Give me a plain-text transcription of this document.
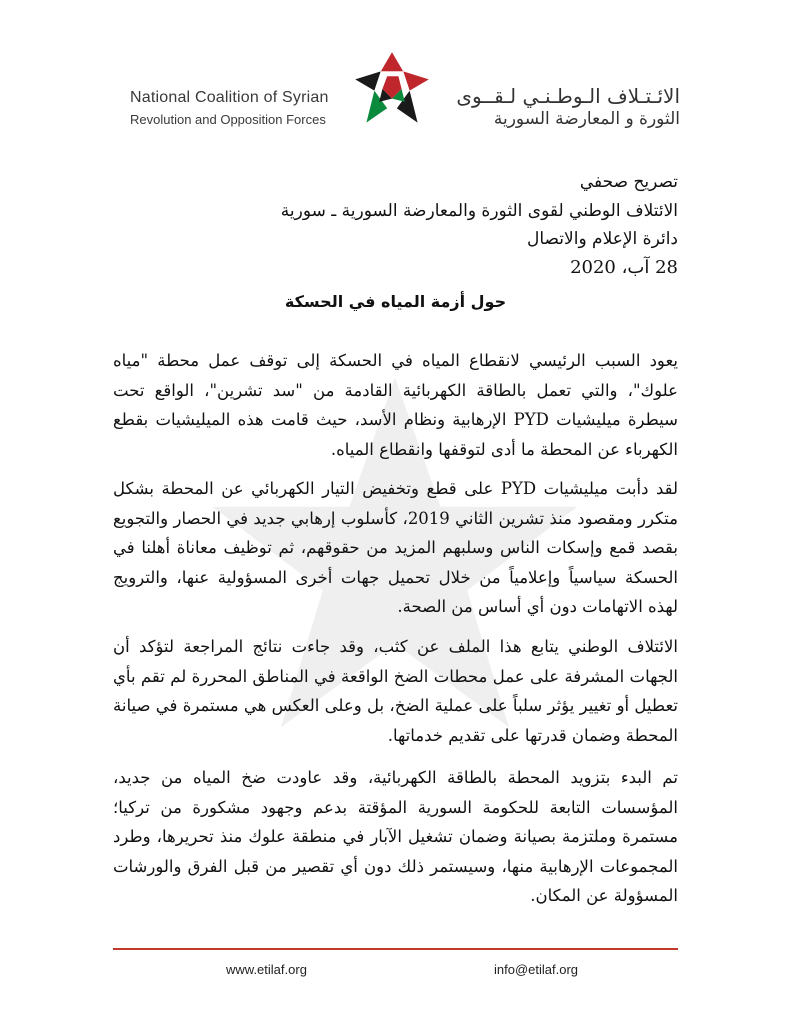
National Coalition of Syrian
Revolution and Opposition Forces
الائـتـلاف الـوطـنـي لـقــوى
الثورة و المعارضة السورية
تصريح صحفي
الائتلاف الوطني لقوى الثورة والمعارضة السورية ـ سورية
دائرة الإعلام والاتصال
28 آب، 2020
حول أزمة المياه في الحسكة
يعود السبب الرئيسي لانقطاع المياه في الحسكة إلى توقف عمل محطة "مياه علوك"، والتي تعمل بالطاقة الكهربائية القادمة من "سد تشرين"، الواقع تحت سيطرة ميليشيات PYD الإرهابية ونظام الأسد، حيث قامت هذه الميليشيات بقطع الكهرباء عن المحطة ما أدى لتوقفها وانقطاع المياه.
لقد دأبت ميليشيات PYD على قطع وتخفيض التيار الكهربائي عن المحطة بشكل متكرر ومقصود منذ تشرين الثاني 2019، كأسلوب إرهابي جديد في الحصار والتجويع بقصد قمع وإسكات الناس وسلبهم المزيد من حقوقهم، ثم توظيف معاناة أهلنا في الحسكة سياسياً وإعلامياً من خلال تحميل جهات أخرى المسؤولية عنها، والترويج لهذه الاتهامات دون أي أساس من الصحة.
الائتلاف الوطني يتابع هذا الملف عن كثب، وقد جاءت نتائج المراجعة لتؤكد أن الجهات المشرفة على عمل محطات الضخ الواقعة في المناطق المحررة لم تقم بأي تعطيل أو تغيير يؤثر سلباً على عملية الضخ، بل وعلى العكس هي مستمرة في صيانة المحطة وضمان قدرتها على تقديم خدماتها.
تم البدء بتزويد المحطة بالطاقة الكهربائية، وقد عاودت ضخ المياه من جديد، المؤسسات التابعة للحكومة السورية المؤقتة بدعم وجهود مشكورة من تركيا؛ مستمرة وملتزمة بصيانة وضمان تشغيل الآبار في منطقة علوك منذ تحريرها، وطرد المجموعات الإرهابية منها، وسيستمر ذلك دون أي تقصير من قبل الفرق والورشات المسؤولة عن المكان.
www.etilaf.org	info@etilaf.org
